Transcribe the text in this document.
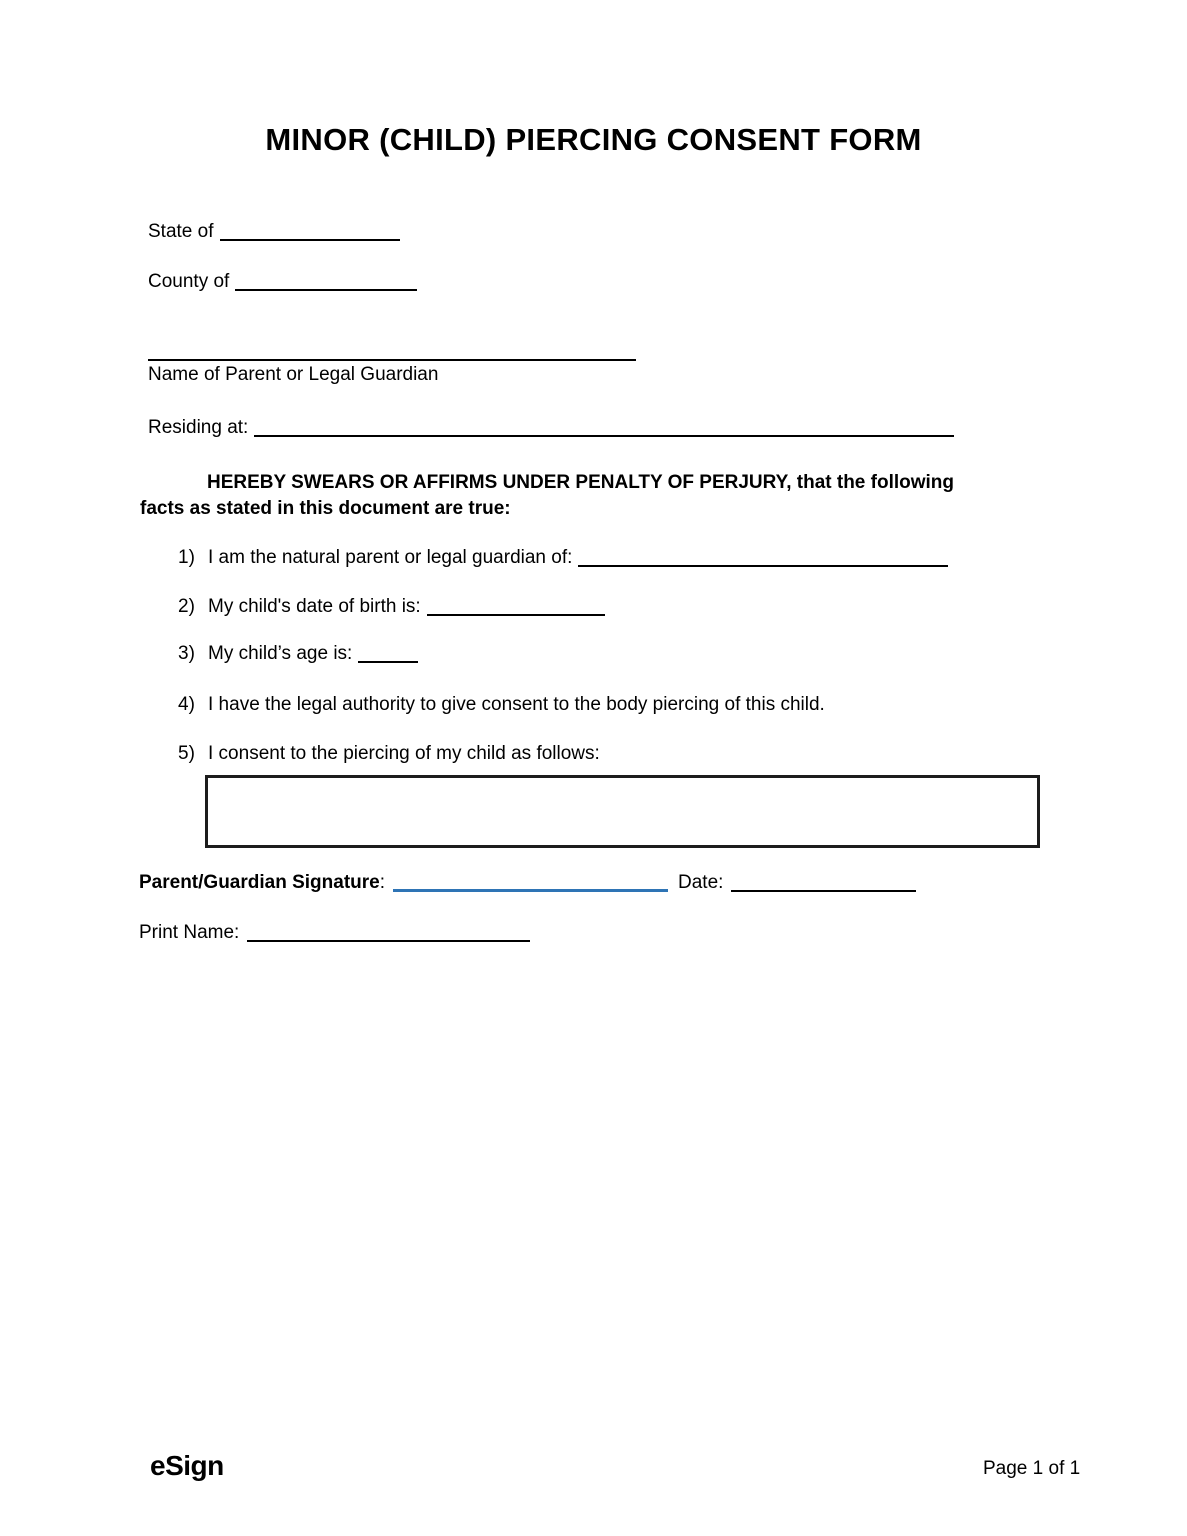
MINOR (CHILD) PIERCING CONSENT FORM
State of
County of
Name of Parent or Legal Guardian
Residing at:
HEREBY SWEARS OR AFFIRMS UNDER PENALTY OF PERJURY, that the following facts as stated in this document are true:
1) I am the natural parent or legal guardian of:
2) My child's date of birth is:
3) My child’s age is:
4) I have the legal authority to give consent to the body piercing of this child.
5) I consent to the piercing of my child as follows:
Parent/Guardian Signature:	Date:
Print Name:
eSign	Page 1 of 1
